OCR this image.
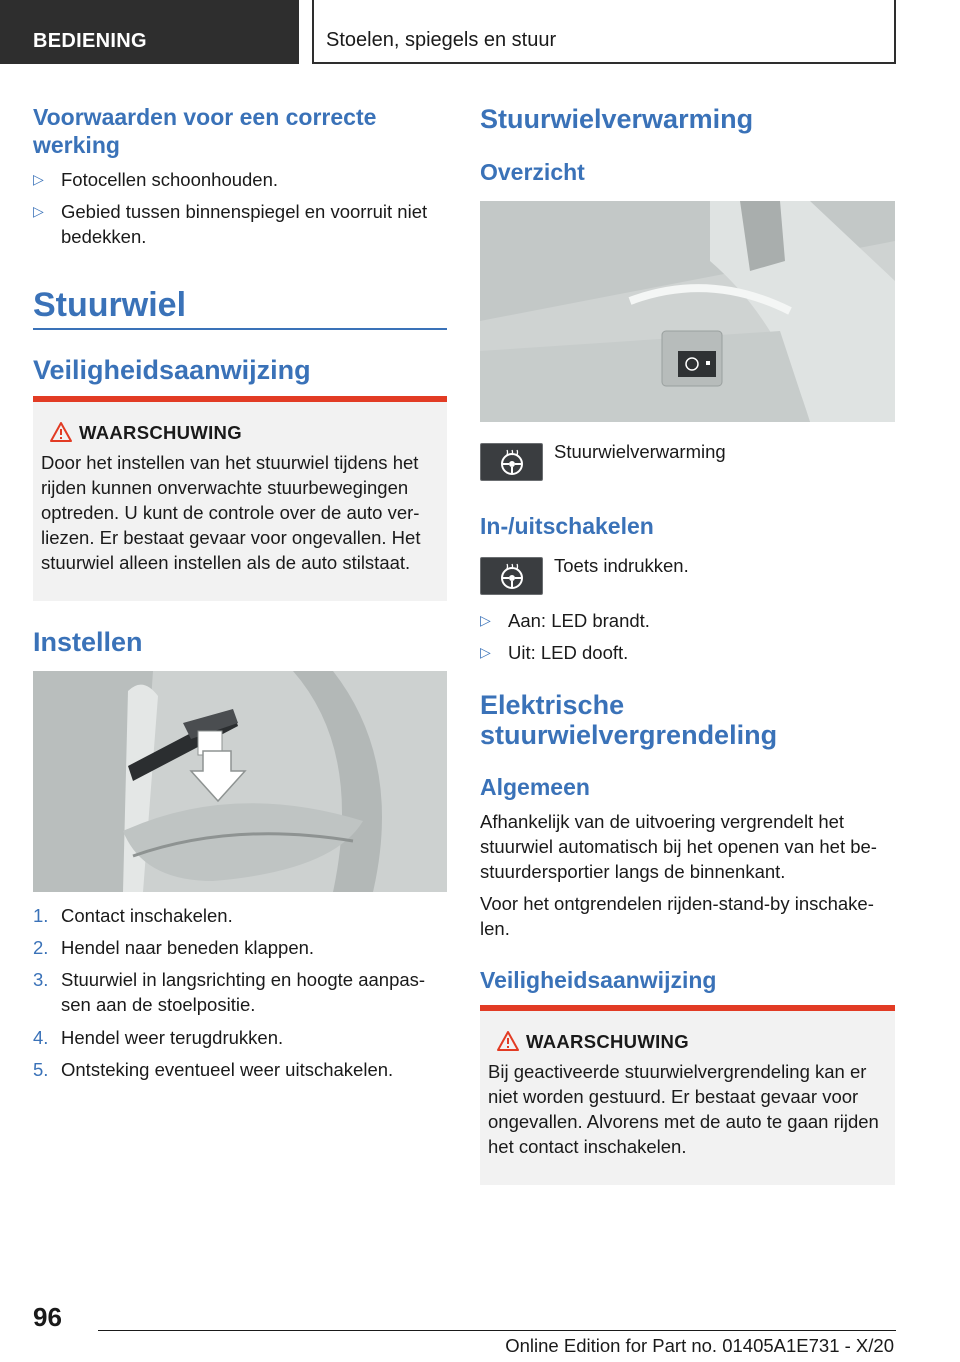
BEDIENING	Stoelen, spiegels en stuur
Voorwaarden voor een correcte werking
▷ Fotocellen schoonhouden.
▷ Gebied tussen binnenspiegel en voorruit niet bedekken.
Stuurwiel
Veiligheidsaanwijzing
WAARSCHUWING
Door het instellen van het stuurwiel tijdens het rijden kunnen onverwachte stuurbewegingen optreden. U kunt de controle over de auto ver-liezen. Er bestaat gevaar voor ongevallen. Het stuurwiel alleen instellen als de auto stilstaat.
Instellen
1. Contact inschakelen.
2. Hendel naar beneden klappen.
3. Stuurwiel in langsrichting en hoogte aanpas-sen aan de stoelpositie.
4. Hendel weer terugdrukken.
5. Ontsteking eventueel weer uitschakelen.
Stuurwielverwarming
Overzicht
Stuurwielverwarming
In-/uitschakelen
Toets indrukken.
▷ Aan: LED brandt.
▷ Uit: LED dooft.
Elektrische stuurwielvergrendeling
Algemeen
Afhankelijk van de uitvoering vergrendelt het stuurwiel automatisch bij het openen van het be-stuurdersportier langs de binnenkant.
Voor het ontgrendelen rijden-stand-by inschake-len.
Veiligheidsaanwijzing
WAARSCHUWING
Bij geactiveerde stuurwielvergrendeling kan er niet worden gestuurd. Er bestaat gevaar voor ongevallen. Alvorens met de auto te gaan rijden het contact inschakelen.
96
Online Edition for Part no. 01405A1E731 - X/20
